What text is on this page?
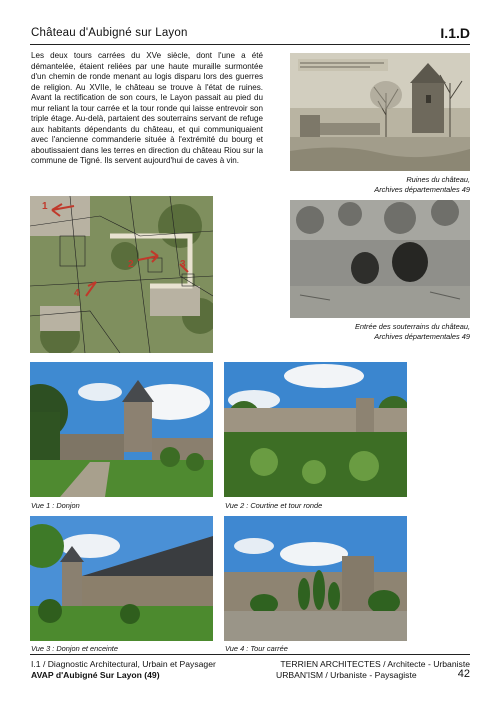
Château d'Aubigné sur Layon	I.1.D

Les deux tours carrées du XVe siècle, dont l'une a été démantelée, étaient reliées par une haute muraille surmontée d'un chemin de ronde menant au logis disparu lors des guerres de religion. Au XVIIe, le château se trouve à l'état de ruines. Avant la rectification de son cours, le Layon passait au pied du mur reliant la tour carrée et la tour ronde qui laisse entrevoir son triple étage. Au-delà, partaient des souterrains servant de refuge aux habitants dépendants du château, et qui communiquaient avec l'ancienne commanderie située à l'extrémité du bourg et aboutissaient dans les terres en direction du château Riou sur la commune de Tigné. Ils servent aujourd'hui de caves à vin.

Ruines du château,
Archives départementales 49
Entrée des souterrains du château,
Archives départementales 49
1
2	3
4
Vue 1 : Donjon	Vue 2 : Courtine et tour ronde
Vue 3 : Donjon et enceinte	Vue 4 : Tour carrée
I.1 / Diagnostic Architectural, Urbain et Paysager
AVAP d'Aubigné Sur Layon (49)
TERRIEN ARCHITECTES / Architecte - Urbaniste
URBAN'ISM / Urbaniste - Paysagiste	42
